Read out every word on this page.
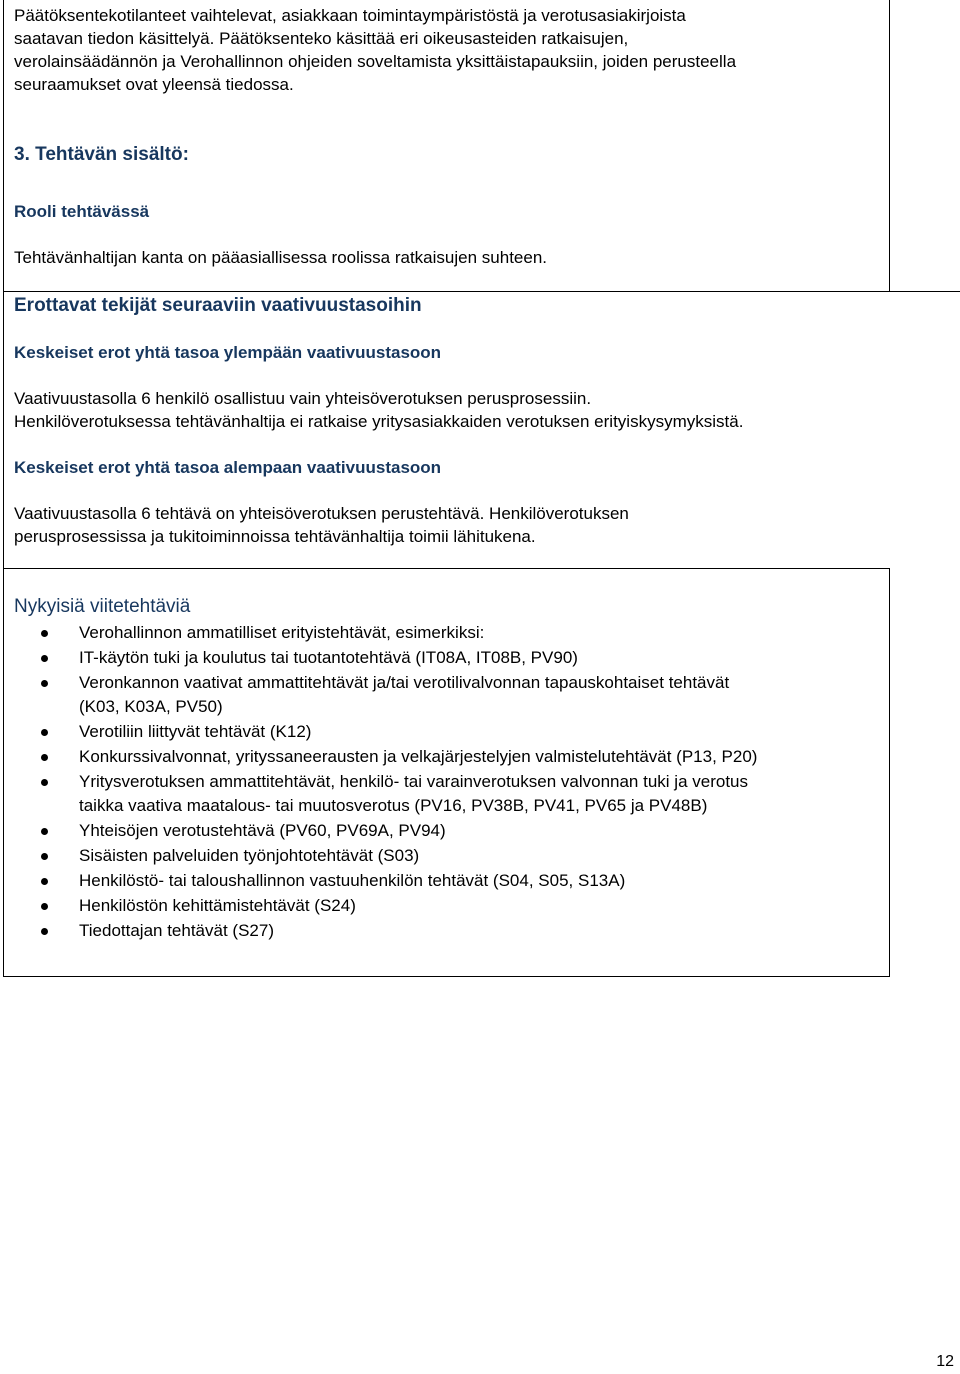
Päätöksentekotilanteet vaihtelevat, asiakkaan toimintaympäristöstä ja verotusasiakirjoista

saatavan tiedon käsittelyä. Päätöksenteko käsittää eri oikeusasteiden ratkaisujen,

verolainsäädännön ja Verohallinnon ohjeiden soveltamista yksittäistapauksiin, joiden perusteella

seuraamukset ovat yleensä tiedossa.

3. Tehtävän sisältö:

Rooli tehtävässä

Tehtävänhaltijan kanta on pääasiallisessa roolissa ratkaisujen suhteen.

Erottavat tekijät seuraaviin vaativuustasoihin

Keskeiset erot yhtä tasoa ylempään vaativuustasoon

Vaativuustasolla 6 henkilö osallistuu vain yhteisöverotuksen perusprosessiin.

Henkilöverotuksessa tehtävänhaltija ei ratkaise yritysasiakkaiden verotuksen erityiskysymyksistä.

Keskeiset erot yhtä tasoa alempaan vaativuustasoon

Vaativuustasolla 6 tehtävä on yhteisöverotuksen perustehtävä. Henkilöverotuksen

perusprosessissa ja tukitoiminnoissa tehtävänhaltija toimii lähitukena.

Nykyisiä viitetehtäviä

Verohallinnon ammatilliset erityistehtävät, esimerkiksi:
IT-käytön tuki ja koulutus tai tuotantotehtävä (IT08A, IT08B, PV90)
Veronkannon vaativat ammattitehtävät ja/tai verotilivalvonnan tapauskohtaiset tehtävät
(K03, K03A, PV50)
Verotiliin liittyvät tehtävät (K12)
Konkurssivalvonnat, yrityssaneerausten ja velkajärjestelyjen valmistelutehtävät (P13, P20)
Yritysverotuksen ammattitehtävät, henkilö- tai varainverotuksen valvonnan tuki ja verotus
taikka vaativa maatalous- tai muutosverotus (PV16, PV38B, PV41, PV65 ja PV48B)
Yhteisöjen verotustehtävä (PV60, PV69A, PV94)
Sisäisten palveluiden työnjohtotehtävät (S03)
Henkilöstö- tai taloushallinnon vastuuhenkilön tehtävät (S04, S05, S13A)
Henkilöstön kehittämistehtävät (S24)
Tiedottajan tehtävät (S27)
12
